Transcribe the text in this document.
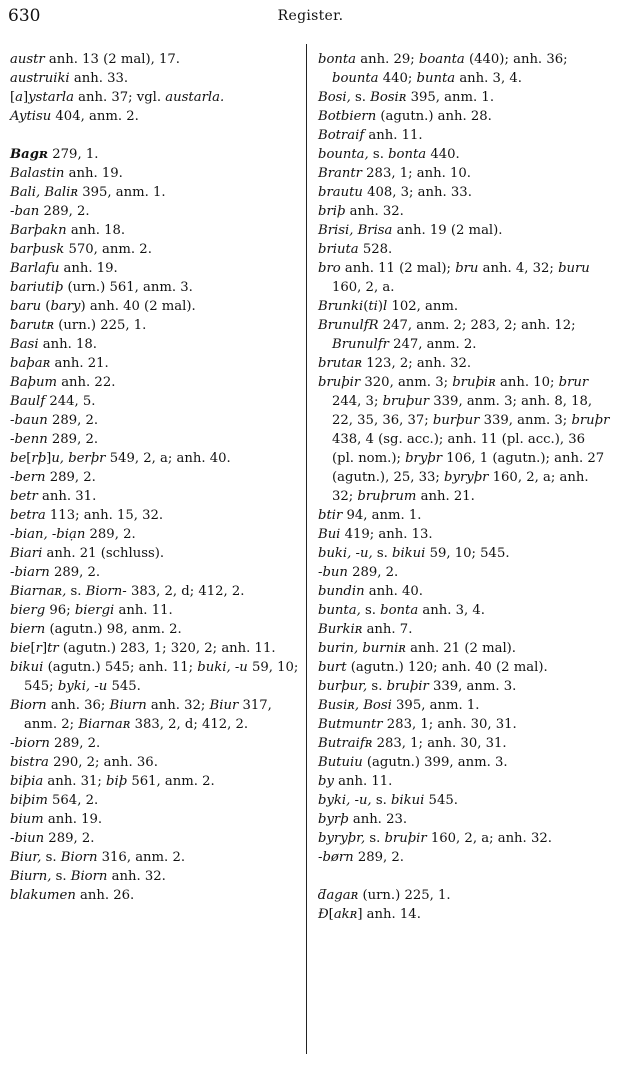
630	Register.
austr anh. 13 (2 mal), 17.
austruiki anh. 33.
[a]ystarla anh. 37; vgl. austarla.
Aytisu 404, anm. 2.
Bagʀ 279, 1.
Balastin anh. 19.
Bali, Baliʀ 395, anm. 1.
-ban 289, 2.
Barþakn anh. 18.
barþusk 570, anm. 2.
Barlafu anh. 19.
bariutiþ (urn.) 561, anm. 3.
baru (bary) anh. 40 (2 mal).
ƀarutʀ (urn.) 225, 1.
Basi anh. 18.
baþaʀ anh. 21.
Baþum anh. 22.
Baulf 244, 5.
-baun 289, 2.
-benn 289, 2.
be[rþ]u, berþr 549, 2, a; anh. 40.
-bern 289, 2.
betr anh. 31.
betra 113; anh. 15, 32.
-bian, -biạn 289, 2.
Biari anh. 21 (schluss).
-biarn 289, 2.
Biarnaʀ, s. Biorn- 383, 2, d; 412, 2.
bierg 96; biergi anh. 11.
biern (agutn.) 98, anm. 2.
bie[r]tr (agutn.) 283, 1; 320, 2; anh. 11.
bikui (agutn.) 545; anh. 11; buki, -u 59, 10; 545; byki, -u 545.
Biorn anh. 36; Biurn anh. 32; Biur 317, anm. 2; Biarnaʀ 383, 2, d; 412, 2.
-biorn 289, 2.
bistra 290, 2; anh. 36.
biþia anh. 31; biþ 561, anm. 2.
biþim 564, 2.
bium anh. 19.
-biun 289, 2.
Biur, s. Biorn 316, anm. 2.
Biurn, s. Biorn anh. 32.
blakumen anh. 26.
bonta anh. 29; boanta (440); anh. 36; bounta 440; bunta anh. 3, 4.
Bosi, s. Bosiʀ 395, anm. 1.
Botbiern (agutn.) anh. 28.
Botraif anh. 11.
bounta, s. bonta 440.
Brantr 283, 1; anh. 10.
brautu 408, 3; anh. 33.
briþ anh. 32.
Brisi, Brisa anh. 19 (2 mal).
briuta 528.
bro anh. 11 (2 mal); bru anh. 4, 32; buru 160, 2, a.
Brunki(ti)l 102, anm.
BrunulfR 247, anm. 2; 283, 2; anh. 12; Brunulfr 247, anm. 2.
brutaʀ 123, 2; anh. 32.
bruþir 320, anm. 3; bruþiʀ anh. 10; brur 244, 3; bruþur 339, anm. 3; anh. 8, 18, 22, 35, 36, 37; burþur 339, anm. 3; bruþr 438, 4 (sg. acc.); anh. 11 (pl. acc.), 36 (pl. nom.); bryþr 106, 1 (agutn.); anh. 27 (agutn.), 25, 33; byryþr 160, 2, a; anh. 32; bruþrum anh. 21.
btir 94, anm. 1.
Bui 419; anh. 13.
buki, -u, s. bikui 59, 10; 545.
-bun 289, 2.
bundin anh. 40.
bunta, s. bonta anh. 3, 4.
Burkiʀ anh. 7.
burin, burniʀ anh. 21 (2 mal).
burt (agutn.) 120; anh. 40 (2 mal).
burþur, s. bruþir 339, anm. 3.
Busiʀ, Bosi 395, anm. 1.
Butmuntr 283, 1; anh. 30, 31.
Butraifʀ 283, 1; anh. 30, 31.
Butuiu (agutn.) 399, anm. 3.
by anh. 11.
byki, -u, s. bikui 545.
byrþ anh. 23.
byryþr, s. bruþir 160, 2, a; anh. 32.
-børn 289, 2.
ƌagaʀ (urn.) 225, 1.
Đ[akʀ] anh. 14.
